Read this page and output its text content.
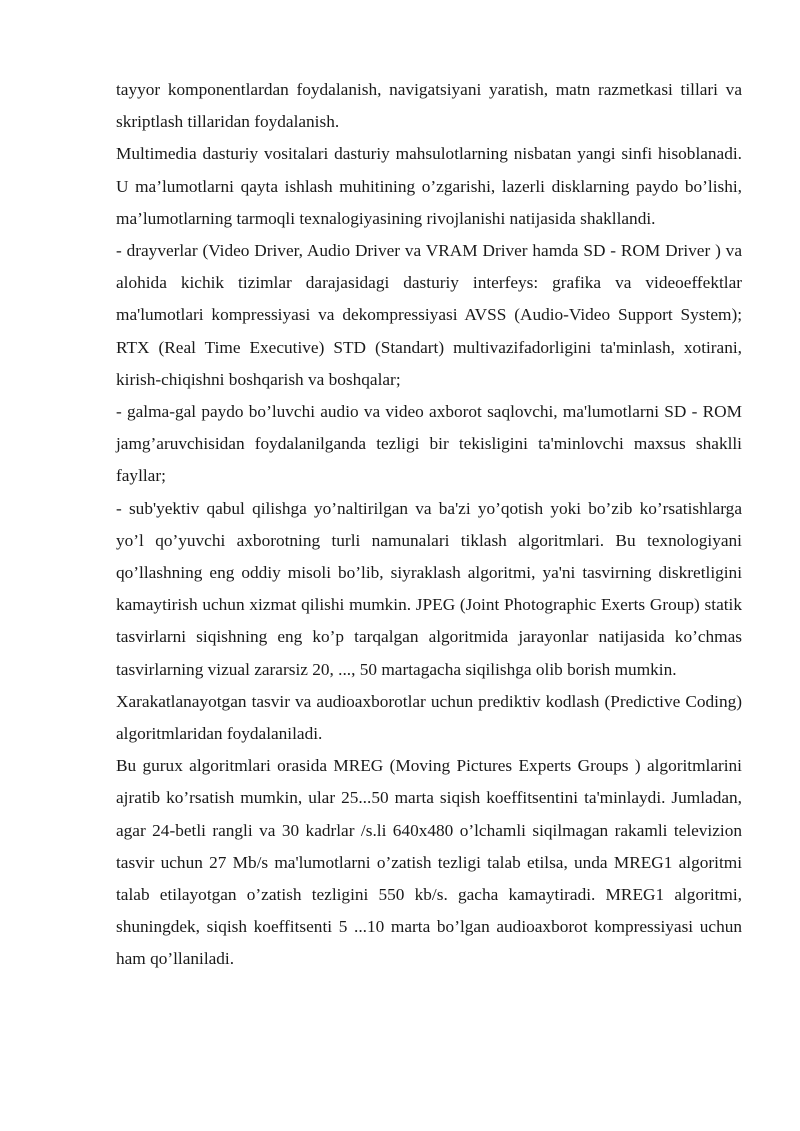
tayyor komponentlardan foydalanish, navigatsiyani yaratish, matn razmetkasi tillari va skriptlash tillaridan foydalanish.

Multimedia dasturiy vositalari dasturiy mahsulotlarning nisbatan yangi sinfi hisoblanadi. U ma’lumotlarni qayta ishlash muhitining o’zgarishi, lazerli disklarning paydo bo’lishi, ma’lumotlarning tarmoqli texnalogiyasining rivojlanishi natijasida shakllandi.

- drayverlar (Video Driver, Audio Driver va VRAM Driver hamda SD - ROM Driver ) va alohida kichik tizimlar darajasidagi dasturiy interfeys: grafika va videoeffektlar ma'lumotlari kompressiyasi va dekompressiyasi AVSS (Audio-Video Support System); RTX (Real Time Executive) STD (Standart) multivazifadorligini ta'minlash, xotirani, kirish-chiqishni boshqarish va boshqalar;

- galma-gal paydo bo’luvchi audio va video axborot saqlovchi, ma'lumotlarni SD - ROM jamg’aruvchisidan foydalanilganda tezligi bir tekisligini ta'minlovchi maxsus shaklli fayllar;

- sub'yektiv qabul qilishga yo’naltirilgan va ba'zi yo’qotish yoki bo’zib ko’rsatishlarga yo’l qo’yuvchi axborotning turli namunalari tiklash algoritmlari. Bu texnologiyani qo’llashning eng oddiy misoli bo’lib, siyraklash algoritmi, ya'ni tasvirning diskretligini kamaytirish uchun xizmat qilishi mumkin. JPEG (Joint Photographic Exerts Group) statik tasvirlarni siqishning eng ko’p tarqalgan algoritmida jarayonlar natijasida ko’chmas tasvirlarning vizual zararsiz 20, ..., 50 martagacha siqilishga olib borish mumkin.

Xarakatlanayotgan tasvir va audioaxborotlar uchun prediktiv kodlash (Predictive Coding) algoritmlaridan foydalaniladi.

Bu gurux algoritmlari orasida MREG (Moving Pictures Experts Groups ) algoritmlarini ajratib ko’rsatish mumkin, ular 25...50 marta siqish koeffitsentini ta'minlaydi. Jumladan, agar 24-betli rangli va 30 kadrlar /s.li 640x480 o’lchamli siqilmagan rakamli televizion tasvir uchun 27 Mb/s ma'lumotlarni o’zatish tezligi talab etilsa, unda MREG1 algoritmi talab etilayotgan o’zatish tezligini 550 kb/s. gacha kamaytiradi. MREG1 algoritmi, shuningdek, siqish koeffitsenti 5 ...10 marta bo’lgan audioaxborot kompressiyasi uchun ham qo’llaniladi.
